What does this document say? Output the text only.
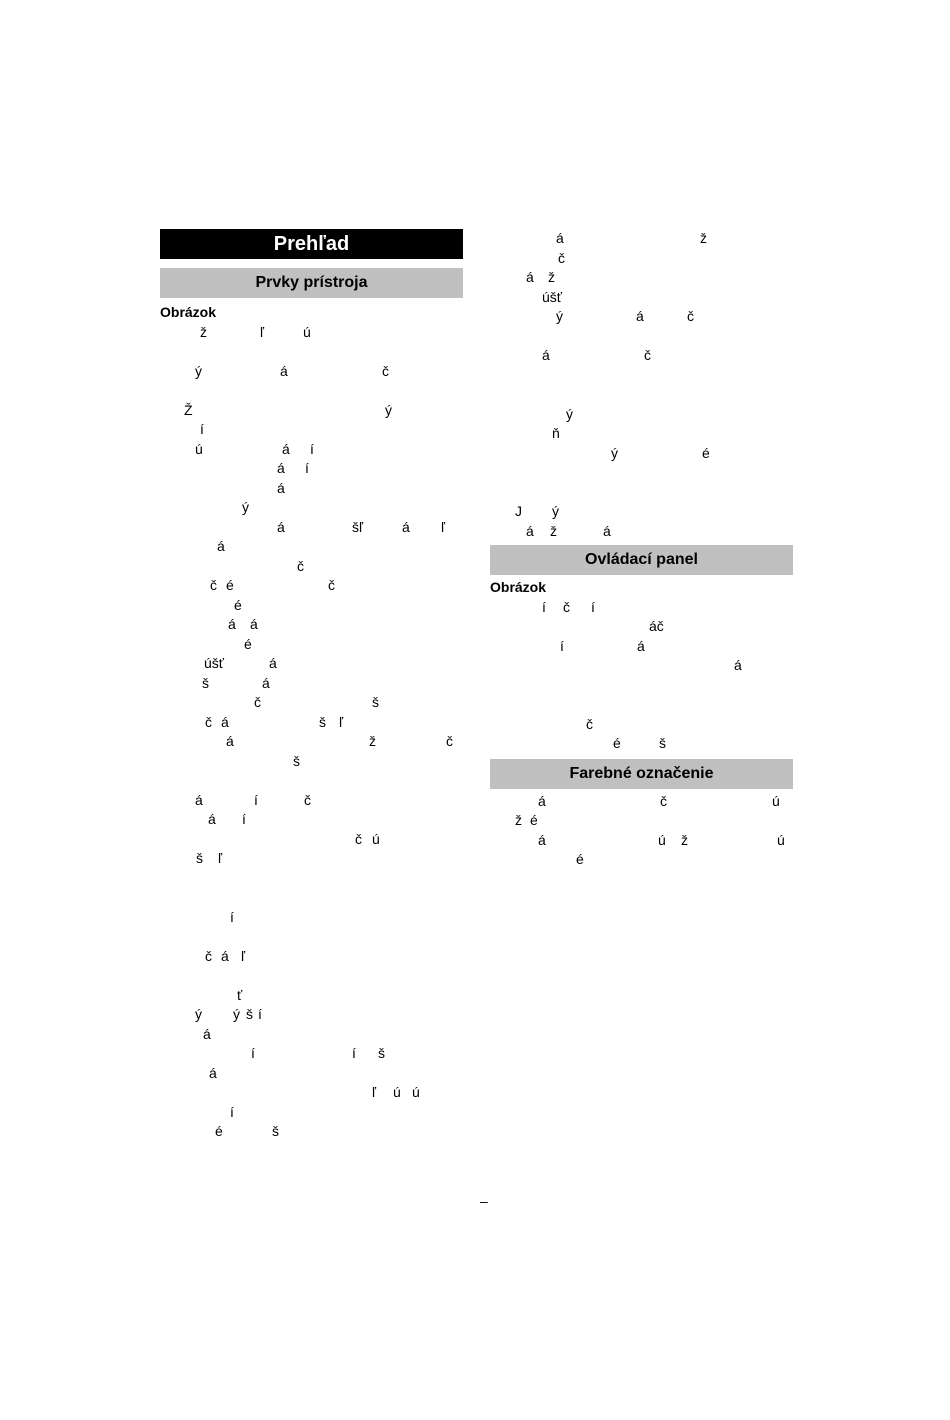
Prehľad
Prvky prístroja
Obrázok
ž	ľ	ú
ý	á	č
Ž	ý
í
ú	á í
á í
á
ý
á	šľ	á ľ
á
č
č é	č
é
á á
é
úšť	á
š	á
č	š
č á	š ľ
á	ž	č
š
á	í	č
á í
č ú
š ľ
í
č á ľ
ť
ý ý š í
á
í	í š
á
ľ ú ú
í
é	š
á	ž
č
á ž
úšť
ý	á	č
á	č
ý
ň
ý	é
J ý
á ž	á
Ovládací panel
Obrázok
í č í
áč
í	á
á
č
é	š
Farebné označenie
á	č	ú
ž é
á	ú ž	ú
é
–
